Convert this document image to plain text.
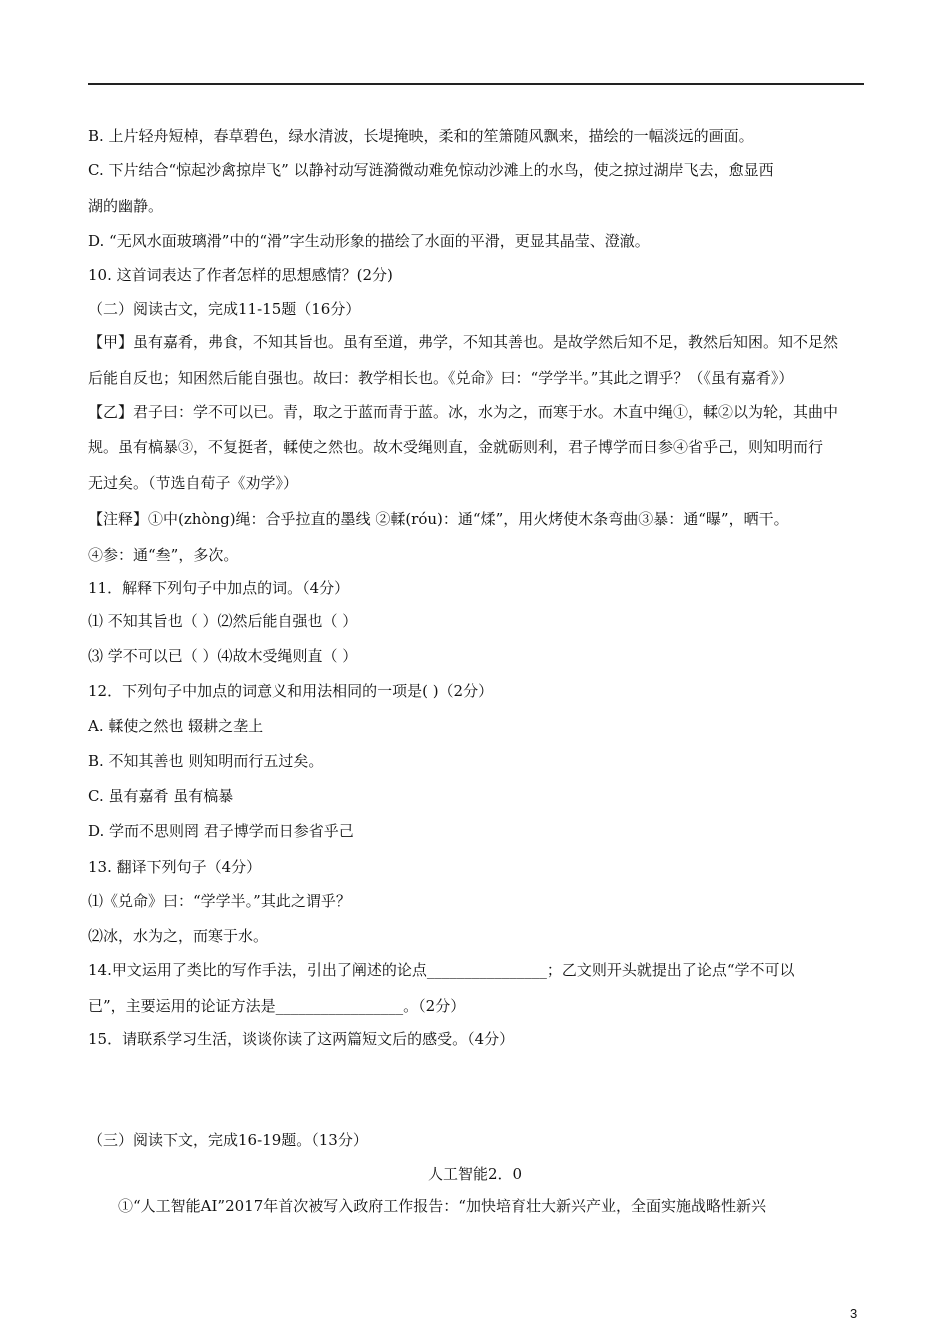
B. 上片轻舟短棹，春草碧色，绿水清波，长堤掩映，柔和的笙箫随风飘来，描绘的一幅淡远的画面。
C. 下片结合“惊起沙禽掠岸飞” 以静衬动写涟漪微动难免惊动沙滩上的水鸟，使之掠过湖岸飞去，愈显西
湖的幽静。
D. “无风水面玻璃滑”中的“滑”字生动形象的描绘了水面的平滑，更显其晶莹、澄澈。
10. 这首词表达了作者怎样的思想感情？(2分)
（二）阅读古文，完成11-15题（16分）
【甲】虽有嘉肴，弗食，不知其旨也。虽有至道，弗学，不知其善也。是故学然后知不足，教然后知困。知不足然
后能自反也；知困然后能自强也。故曰：教学相长也。《兑命》曰：“学学半。”其此之谓乎？（《虽有嘉肴》）
【乙】君子曰：学不可以已。青，取之于蓝而青于蓝。冰，水为之，而寒于水。木直中绳①，輮②以为轮，其曲中
规。虽有槁暴③，不复挺者，輮使之然也。故木受绳则直，金就砺则利，君子博学而日参④省乎己，则知明而行
无过矣。（节选自荀子《劝学》）
【注释】①中(zhòng)绳：合乎拉直的墨线 ②輮(róu)：通“煣”，用火烤使木条弯曲③暴：通“曝”，晒干。
④参：通“叁”，多次。
11．解释下列句子中加点的词。（4分）
⑴ 不知其旨也（ ）⑵然后能自强也（ ）
⑶ 学不可以已（ ）⑷故木受绳则直（ ）
12．下列句子中加点的词意义和用法相同的一项是( )（2分）
A. 輮使之然也 辍耕之垄上
B. 不知其善也 则知明而行五过矣。
C. 虽有嘉肴 虽有槁暴
D. 学而不思则罔 君子博学而日参省乎己
13. 翻译下列句子（4分）
⑴《兑命》曰：“学学半。”其此之谓乎？
⑵冰，水为之，而寒于水。
14.甲文运用了类比的写作手法，引出了阐述的论点________________；乙文则开头就提出了论点“学不可以
已”，主要运用的论证方法是_________________。（2分）
15．请联系学习生活，谈谈你读了这两篇短文后的感受。（4分）
（三）阅读下文，完成16-19题。（13分）
人工智能2．0
①“人工智能AI”2017年首次被写入政府工作报告：“加快培育壮大新兴产业，全面实施战略性新兴
3
